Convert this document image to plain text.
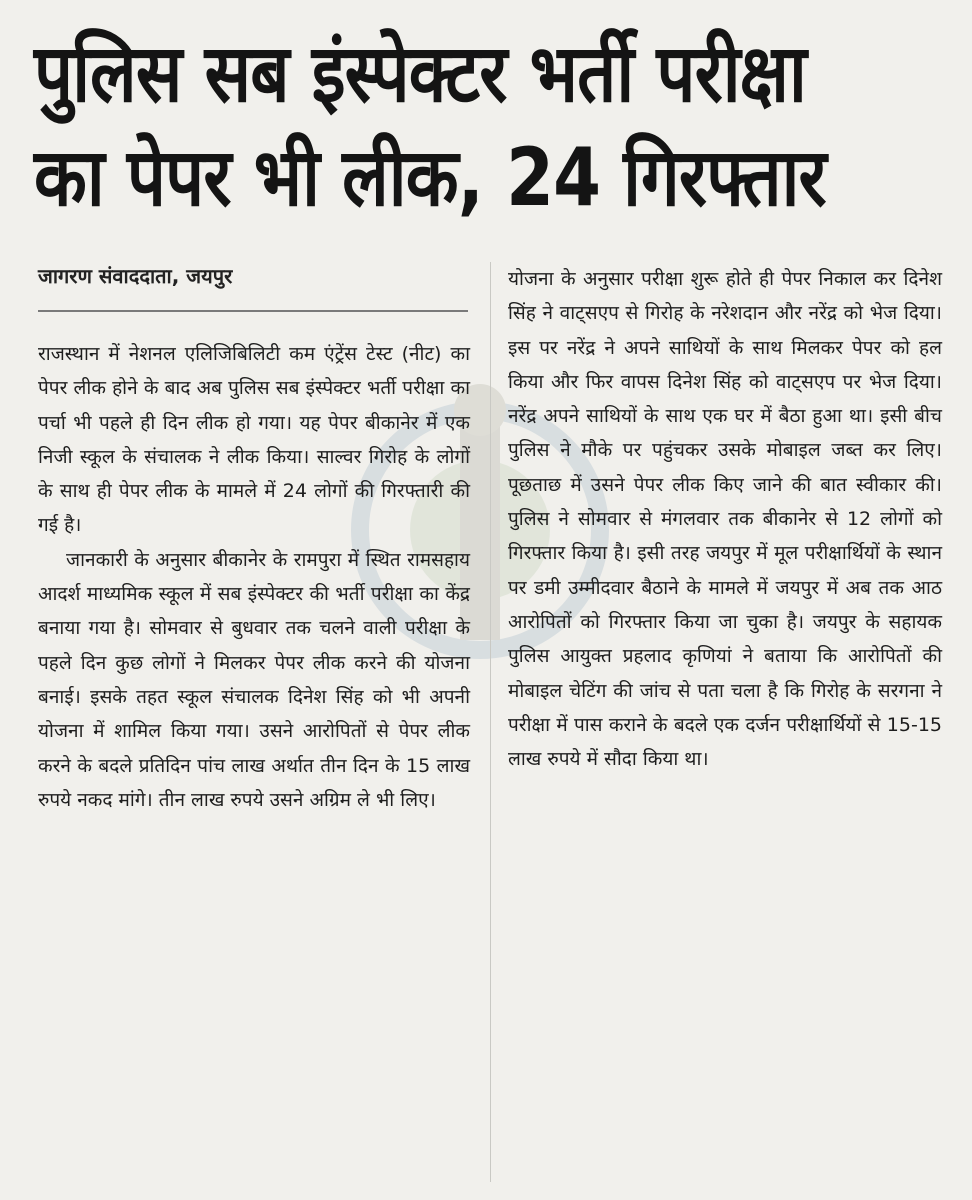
पुलिस सब इंस्पेक्टर भर्ती परीक्षा
का पेपर भी लीक, 24 गिरफ्तार
जागरण संवाददाता, जयपुर

राजस्थान में नेशनल एलिजिबिलिटी कम एंट्रेंस टेस्ट (नीट) का पेपर लीक होने के बाद अब पुलिस सब इंस्पेक्टर भर्ती परीक्षा का पर्चा भी पहले ही दिन लीक हो गया। यह पेपर बीकानेर में एक निजी स्कूल के संचालक ने लीक किया। साल्वर गिरोह के लोगों के साथ ही पेपर लीक के मामले में 24 लोगों की गिरफ्तारी की गई है।

जानकारी के अनुसार बीकानेर के रामपुरा में स्थित रामसहाय आदर्श माध्यमिक स्कूल में सब इंस्पेक्टर की भर्ती परीक्षा का केंद्र बनाया गया है। सोमवार से बुधवार तक चलने वाली परीक्षा के पहले दिन कुछ लोगों ने मिलकर पेपर लीक करने की योजना बनाई। इसके तहत स्कूल संचालक दिनेश सिंह को भी अपनी योजना में शामिल किया गया। उसने आरोपितों से पेपर लीक करने के बदले प्रतिदिन पांच लाख अर्थात तीन दिन के 15 लाख रुपये नकद मांगे। तीन लाख रुपये उसने अग्रिम ले भी लिए।

योजना के अनुसार परीक्षा शुरू होते ही पेपर निकाल कर दिनेश सिंह ने वाट्सएप से गिरोह के नरेशदान और नरेंद्र को भेज दिया। इस पर नरेंद्र ने अपने साथियों के साथ मिलकर पेपर को हल किया और फिर वापस दिनेश सिंह को वाट्सएप पर भेज दिया। नरेंद्र अपने साथियों के साथ एक घर में बैठा हुआ था। इसी बीच पुलिस ने मौके पर पहुंचकर उसके मोबाइल जब्त कर लिए। पूछताछ में उसने पेपर लीक किए जाने की बात स्वीकार की। पुलिस ने सोमवार से मंगलवार तक बीकानेर से 12 लोगों को गिरफ्तार किया है। इसी तरह जयपुर में मूल परीक्षार्थियों के स्थान पर डमी उम्मीदवार बैठाने के मामले में जयपुर में अब तक आठ आरोपितों को गिरफ्तार किया जा चुका है। जयपुर के सहायक पुलिस आयुक्त प्रहलाद कृणियां ने बताया कि आरोपितों की मोबाइल चेटिंग की जांच से पता चला है कि गिरोह के सरगना ने परीक्षा में पास कराने के बदले एक दर्जन परीक्षार्थियों से 15-15 लाख रुपये में सौदा किया था।
